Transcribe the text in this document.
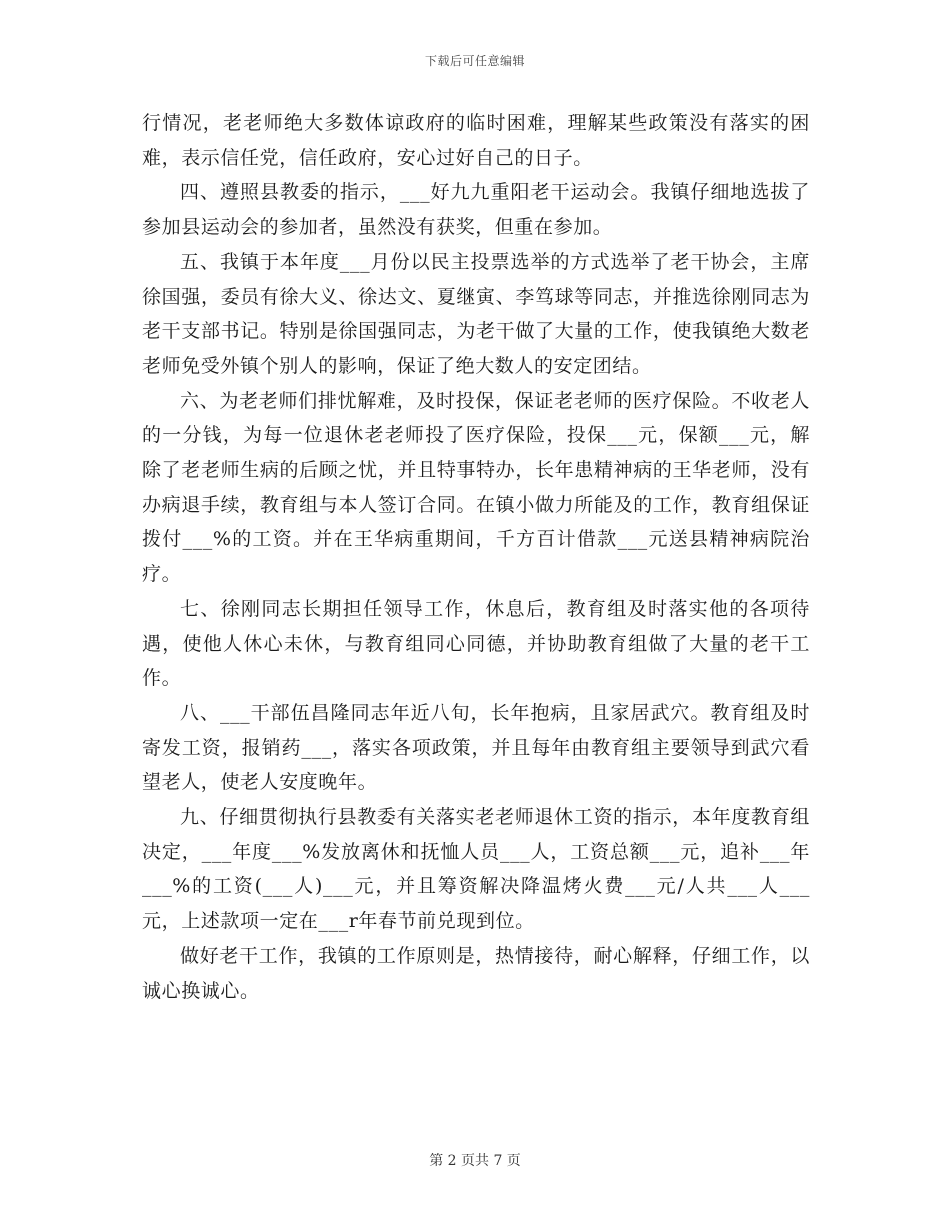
下载后可任意编辑

行情况，老老师绝大多数体谅政府的临时困难，理解某些政策没有落实的困难，表示信任党，信任政府，安心过好自己的日子。

四、遵照县教委的指示，___好九九重阳老干运动会。我镇仔细地选拔了参加县运动会的参加者，虽然没有获奖，但重在参加。

五、我镇于本年度___月份以民主投票选举的方式选举了老干协会，主席徐国强，委员有徐大义、徐达文、夏继寅、李笃球等同志，并推选徐刚同志为老干支部书记。特别是徐国强同志，为老干做了大量的工作，使我镇绝大数老老师免受外镇个别人的影响，保证了绝大数人的安定团结。

六、为老老师们排忧解难，及时投保，保证老老师的医疗保险。不收老人的一分钱，为每一位退休老老师投了医疗保险，投保___元，保额___元，解除了老老师生病的后顾之忧，并且特事特办，长年患精神病的王华老师，没有办病退手续，教育组与本人签订合同。在镇小做力所能及的工作，教育组保证拨付___%的工资。并在王华病重期间，千方百计借款___元送县精神病院治疗。

七、徐刚同志长期担任领导工作，休息后，教育组及时落实他的各项待遇，使他人休心未休，与教育组同心同德，并协助教育组做了大量的老干工作。

八、___干部伍昌隆同志年近八旬，长年抱病，且家居武穴。教育组及时寄发工资，报销药___，落实各项政策，并且每年由教育组主要领导到武穴看望老人，使老人安度晚年。

九、仔细贯彻执行县教委有关落实老老师退休工资的指示，本年度教育组决定，___年度___%发放离休和抚恤人员___人，工资总额___元，追补___年___%的工资(___人)___元，并且筹资解决降温烤火费___元/人共___人___元，上述款项一定在___r年春节前兑现到位。

做好老干工作，我镇的工作原则是，热情接待，耐心解释，仔细工作，以诚心换诚心。

第 2 页共 7 页
